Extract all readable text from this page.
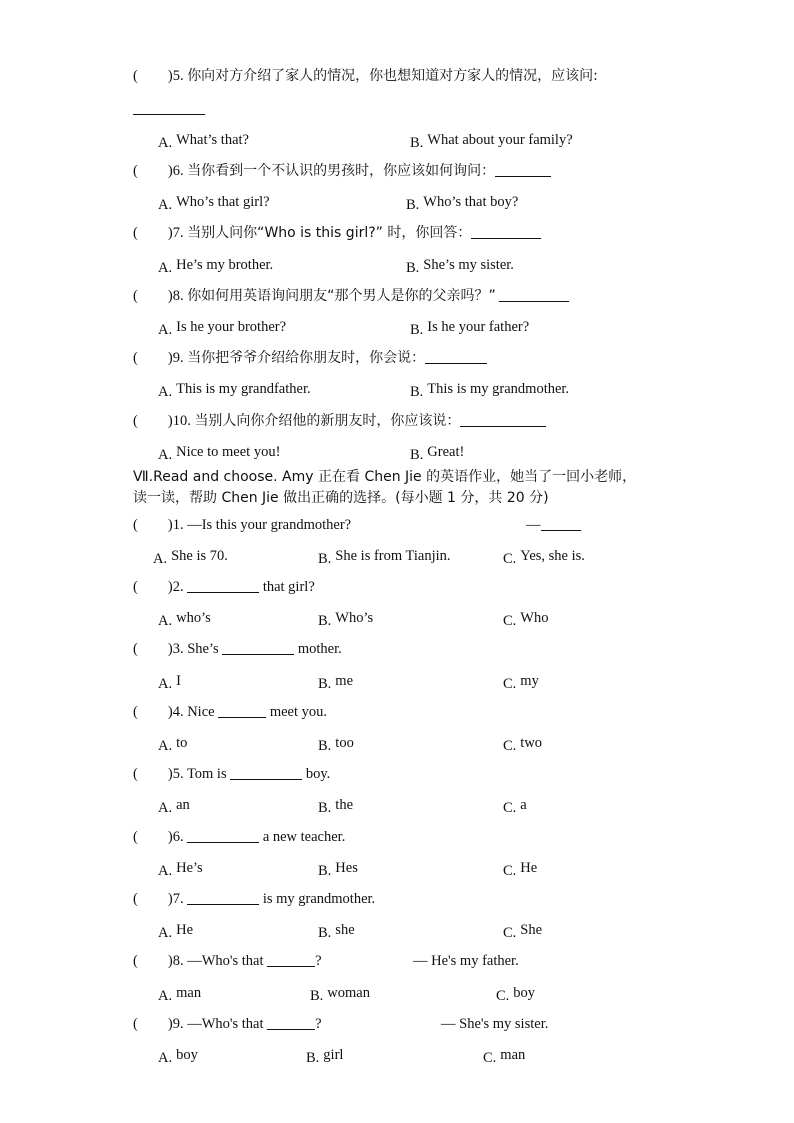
( )5. 你向对方介绍了家人的情况，你也想知道对方家人的情况，应该问:
A. What’s that?	B. What about your family?
( )6. 当你看到一个不认识的男孩时，你应该如何询问：
A. Who’s that girl?	B. Who’s that boy?
( )7. 当别人问你“Who is this girl?” 时，你回答：
A. He’s my brother.	B. She’s my sister.
( )8. 你如何用英语询问朋友“那个男人是你的父亲吗？”
A. Is he your brother?	B. Is he your father?
( )9. 当你把爷爷介绍给你朋友时，你会说：
A. This is my grandfather.	B. This is my grandmother.
( )10. 当别人向你介绍他的新朋友时，你应该说：
A. Nice to meet you!	B. Great!
Ⅶ.Read and choose. Amy 正在看 Chen Jie 的英语作业，她当了一回小老师，
读一读，帮助 Chen Jie 做出正确的选择。(每小题 1 分，共 20 分)
( )1. —Is this your grandmother?	—
A. She is 70.	B. She is from Tianjin.	C. Yes, she is.
( )2.	that girl?
A. who’s	B. Who’s	C. Who
( )3. She’s	mother.
A. I	B. me	C. my
( )4. Nice	meet you.
A. to	B. too	C. two
( )5. Tom is	boy.
A. an	B. the	C. a
( )6.	a new teacher.
A. He’s	B. Hes	C. He
( )7.	is my grandmother.
A. He	B. she	C. She
( )8. —Who's that	?	— He's my father.
A. man	B. woman	C. boy
( )9. —Who's that	?	— She's my sister.
A. boy	B. girl	C. man
